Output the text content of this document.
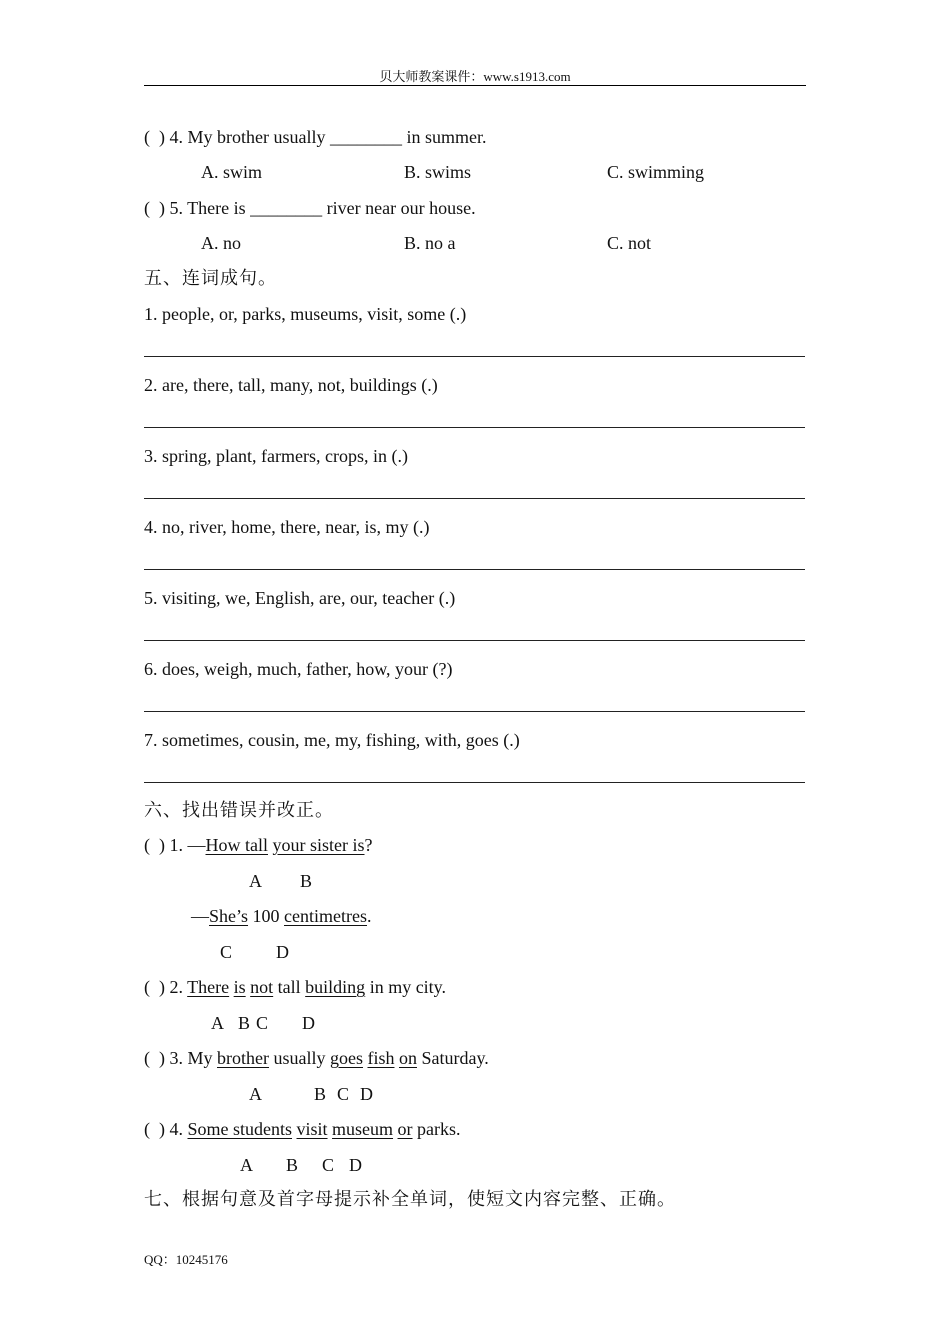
贝大师教案课件：www.s1913.com
(  ) 4. My brother usually ________ in summer.
A. swim	B. swims	C. swimming
(  ) 5. There is ________ river near our house.
A. no	B. no a	C. not
五、连词成句。
1. people, or, parks, museums, visit, some (.)
2. are, there, tall, many, not, buildings (.)
3. spring, plant, farmers, crops, in (.)
4. no, river, home, there, near, is, my (.)
5. visiting, we, English, are, our, teacher (.)
6. does, weigh, much, father, how, your (?)
7. sometimes, cousin, me, my, fishing, with, goes (.)
六、找出错误并改正。
(  ) 1. —How tall your sister is?
A B
—She’s 100 centimetres.
C D
(  ) 2. There is not tall building in my city.
A B C D
(  ) 3. My brother usually goes fish on Saturday.
A	B C D
(  ) 4. Some students visit museum or parks.
A B C D
七、根据句意及首字母提示补全单词，使短文内容完整、正确。
QQ：10245176
